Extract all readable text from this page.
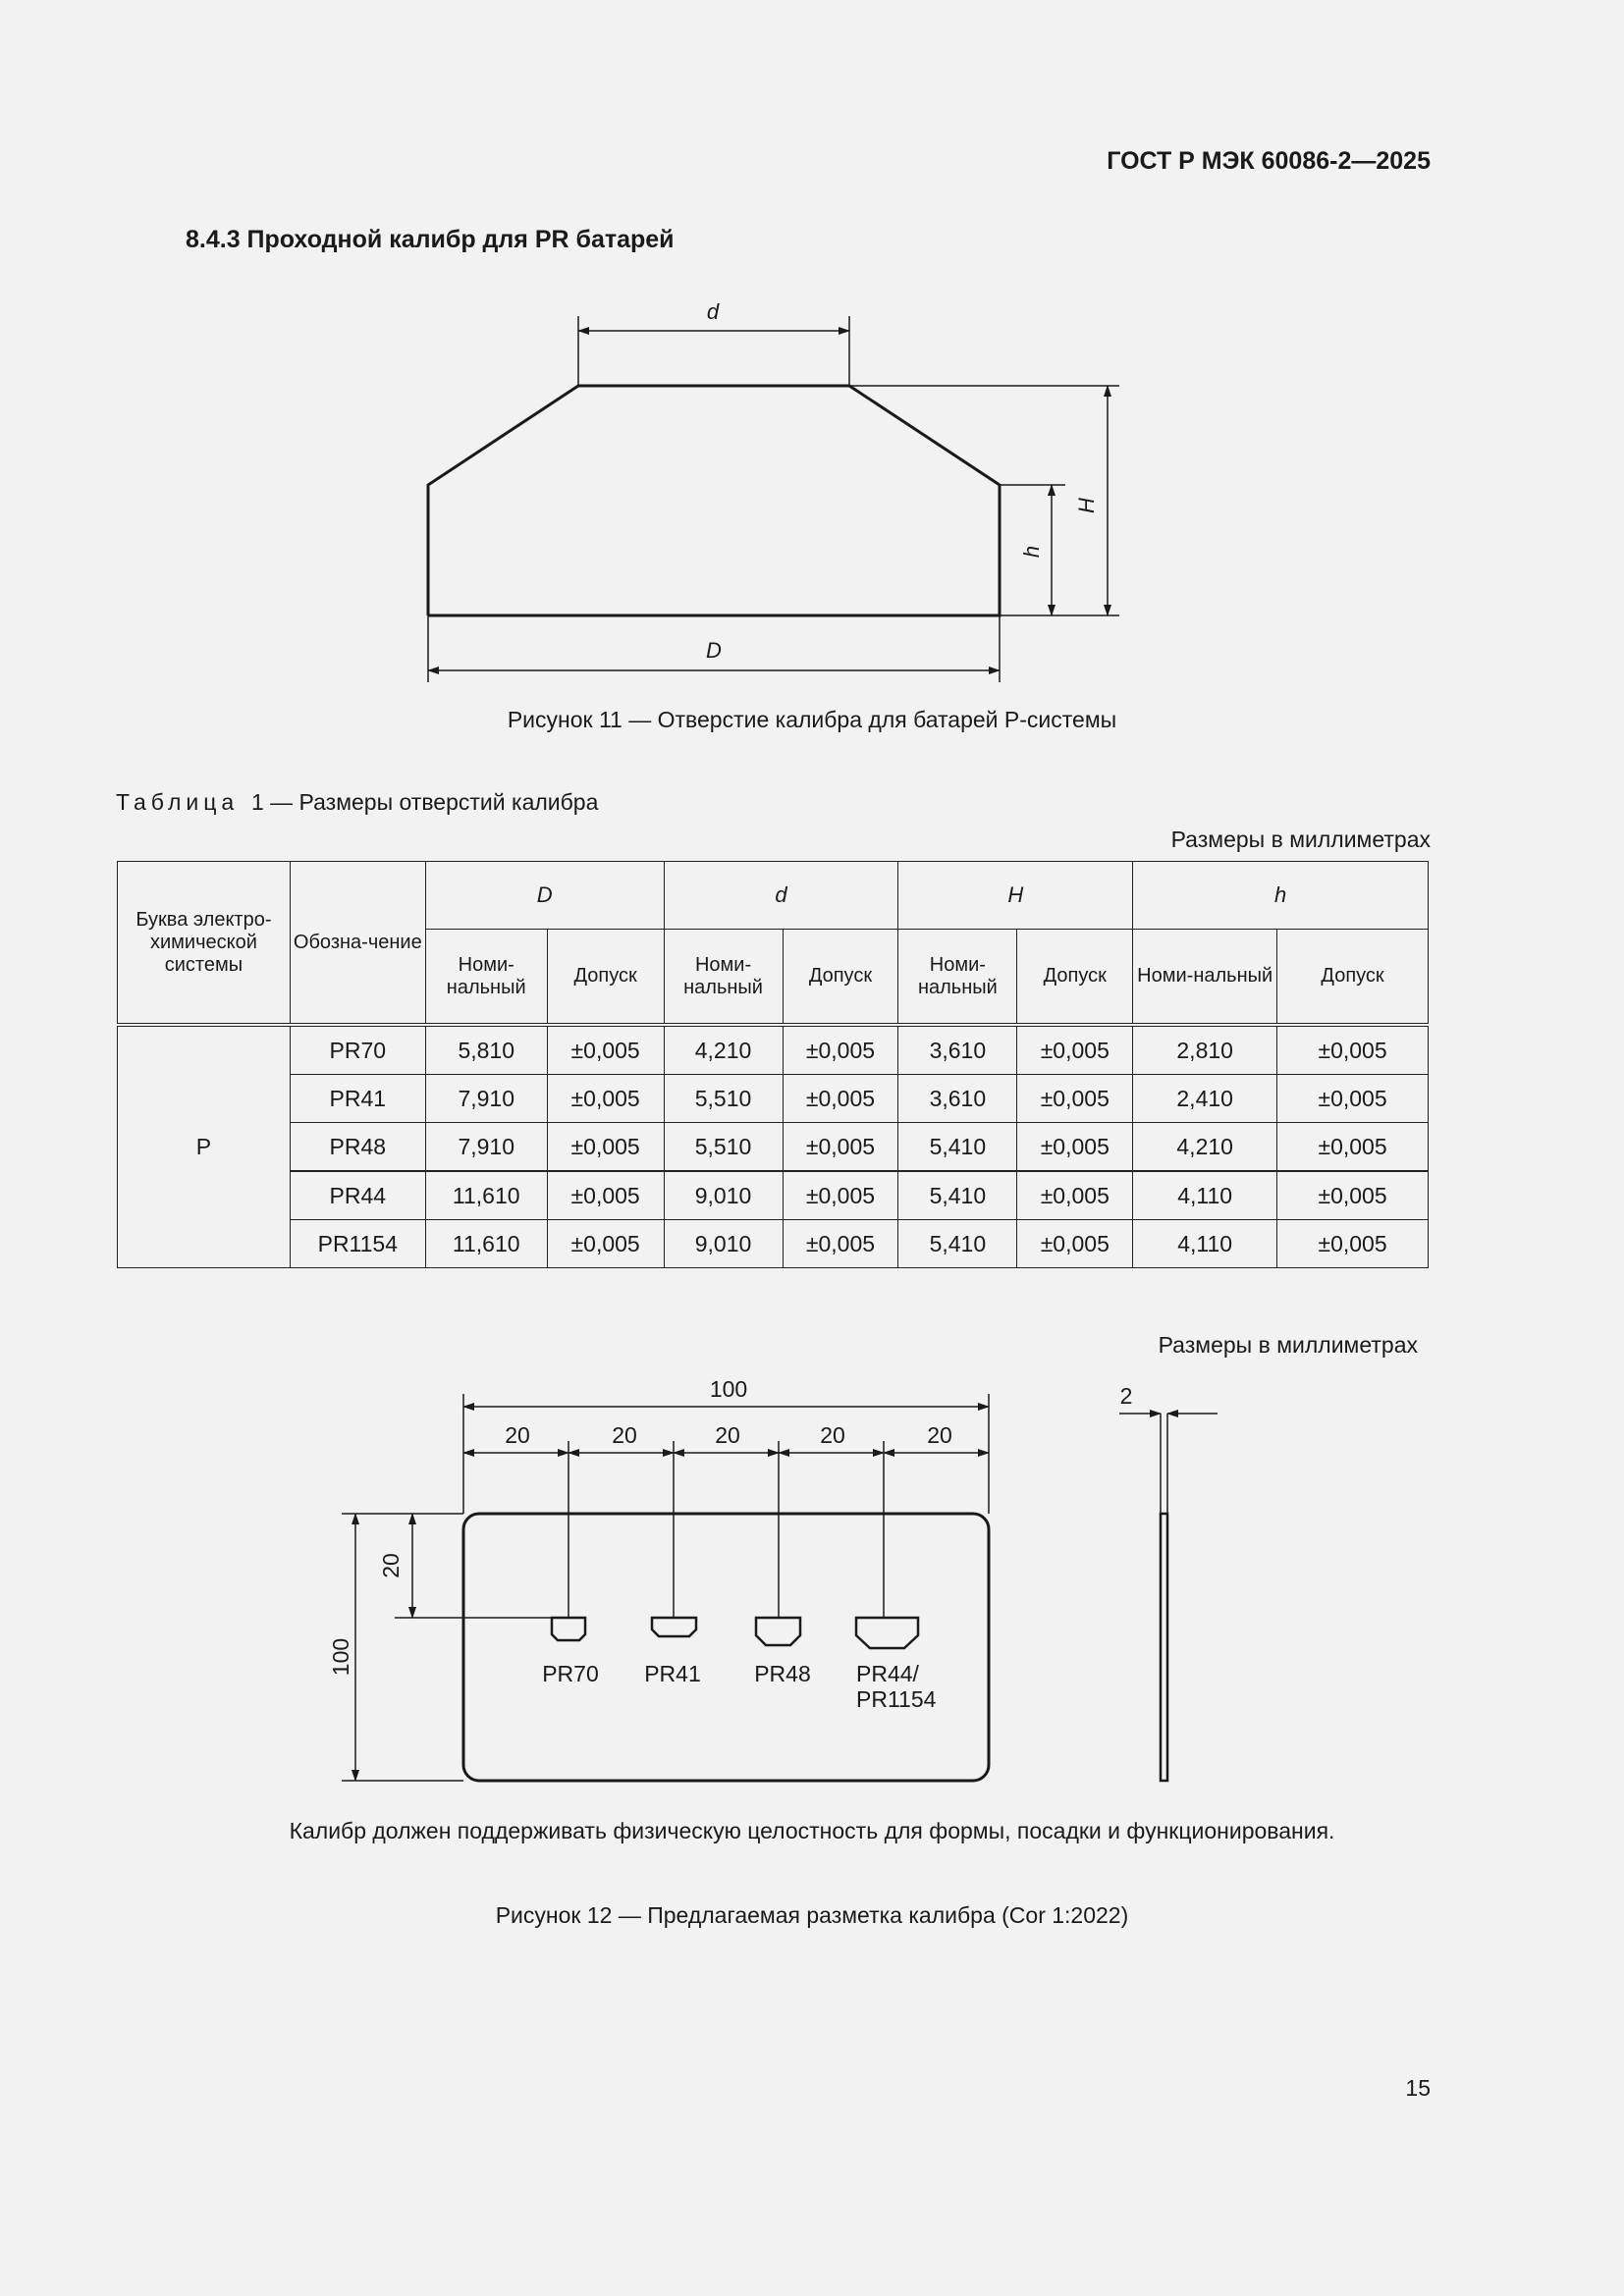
ГОСТ Р МЭК 60086-2—2025
8.4.3 Проходной калибр для PR батарей
d
H
h
D
Рисунок 11 — Отверстие калибра для батарей P-системы
Таблица 1 — Размеры отверстий калибра
Размеры в миллиметрах
Буква электро-химической системы	Обозна-чение	D		d		H		h	
		Номи-нальный	Допуск	Номи-нальный	Допуск	Номи-нальный	Допуск	Номи-нальный	Допуск
P	PR70	5,810	±0,005	4,210	±0,005	3,610	±0,005	2,810	±0,005
	PR41	7,910	±0,005	5,510	±0,005	3,610	±0,005	2,410	±0,005
	PR48	7,910	±0,005	5,510	±0,005	5,410	±0,005	4,210	±0,005
	PR44	11,610	±0,005	9,010	±0,005	5,410	±0,005	4,110	±0,005
	PR1154	11,610	±0,005	9,010	±0,005	5,410	±0,005	4,110	±0,005
Размеры в миллиметрах
100
20	20	20	20	20
2
20
100	PR70 PR41 PR48 PR44/
PR1154
Калибр должен поддерживать физическую целостность для формы, посадки и функционирования.
Рисунок 12 — Предлагаемая разметка калибра (Cor 1:2022)
15
